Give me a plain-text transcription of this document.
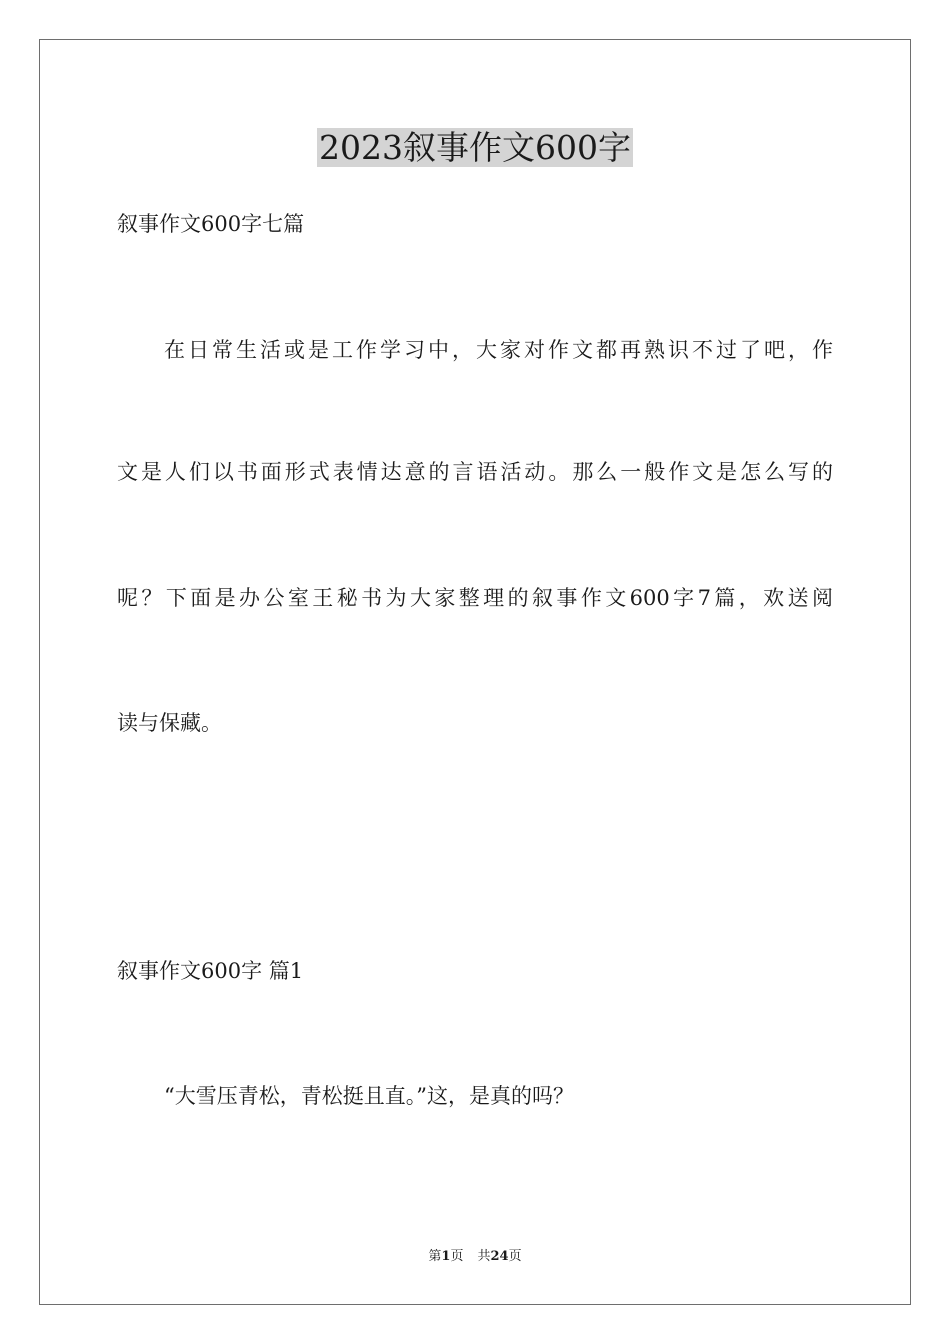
2023叙事作文600字

叙事作文600字七篇

在日常生活或是工作学习中，大家对作文都再熟识不过了吧，作

文是人们以书面形式表情达意的言语活动。那么一般作文是怎么写的

呢？下面是办公室王秘书为大家整理的叙事作文600字7篇，欢送阅

读与保藏。

叙事作文600字 篇1

“大雪压青松，青松挺且直。”这，是真的吗？

第1页 共24页
